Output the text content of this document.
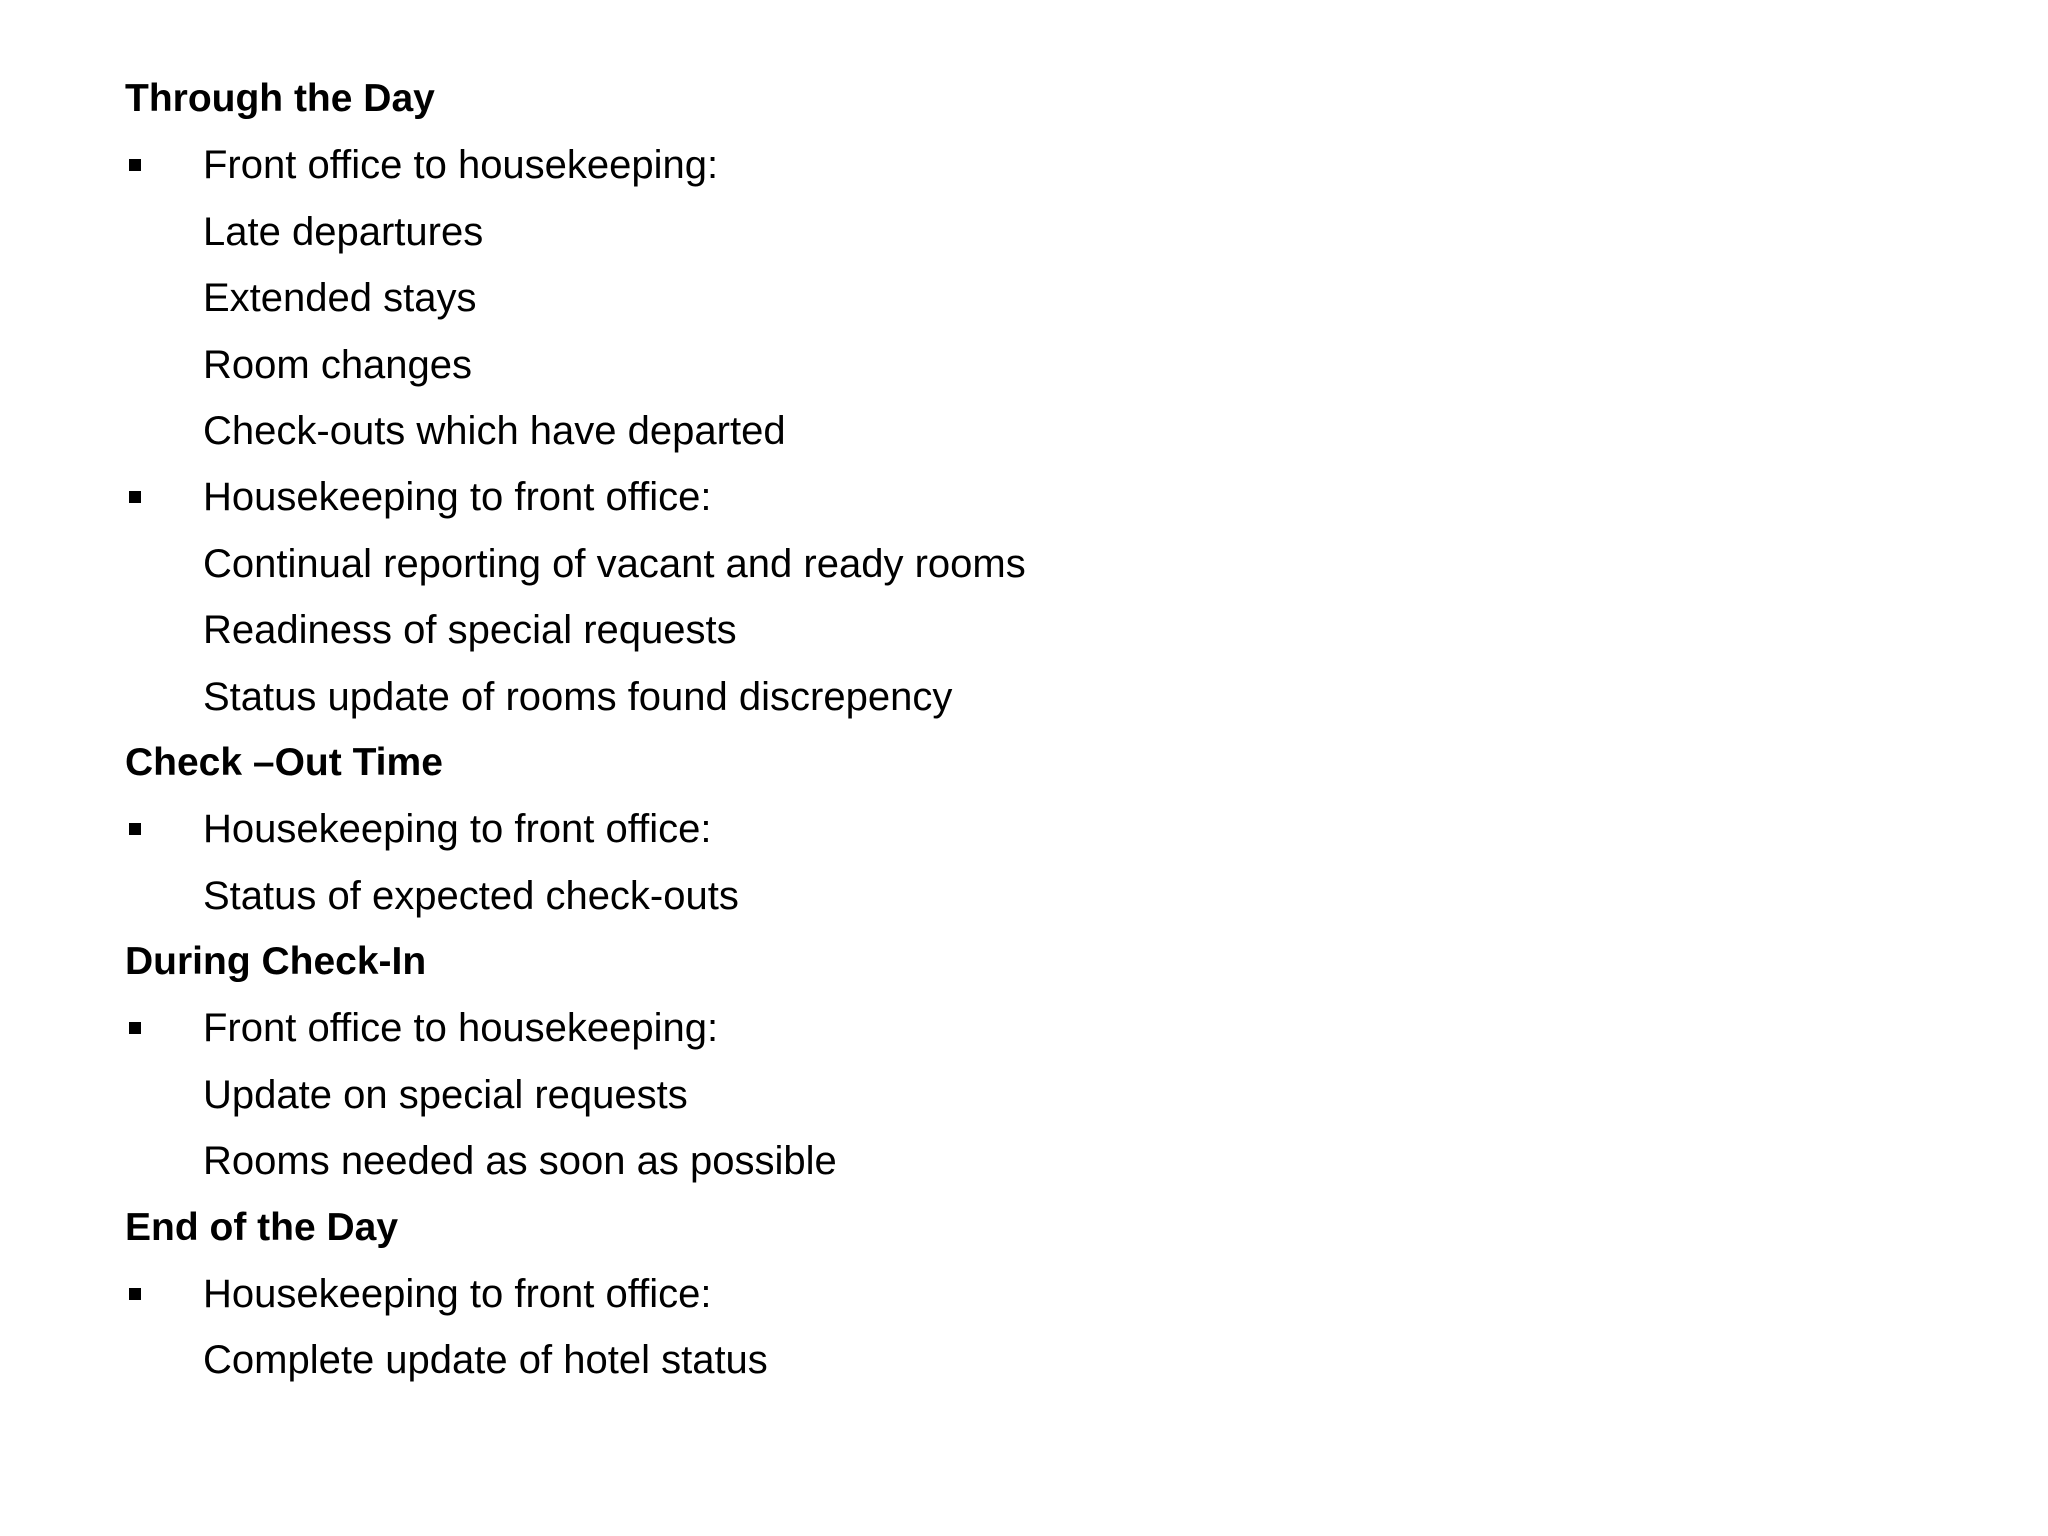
Through the Day
Front office to housekeeping:
Late departures
Extended stays
Room changes
Check-outs which have departed
Housekeeping to front office:
Continual reporting of vacant and ready rooms
Readiness of special requests
Status update of rooms found discrepency
Check –Out Time
Housekeeping to front office:
Status of expected check-outs
During Check-In
Front office to housekeeping:
Update on special requests
Rooms needed as soon as possible
End of the Day
Housekeeping to front office:
Complete update of hotel status
